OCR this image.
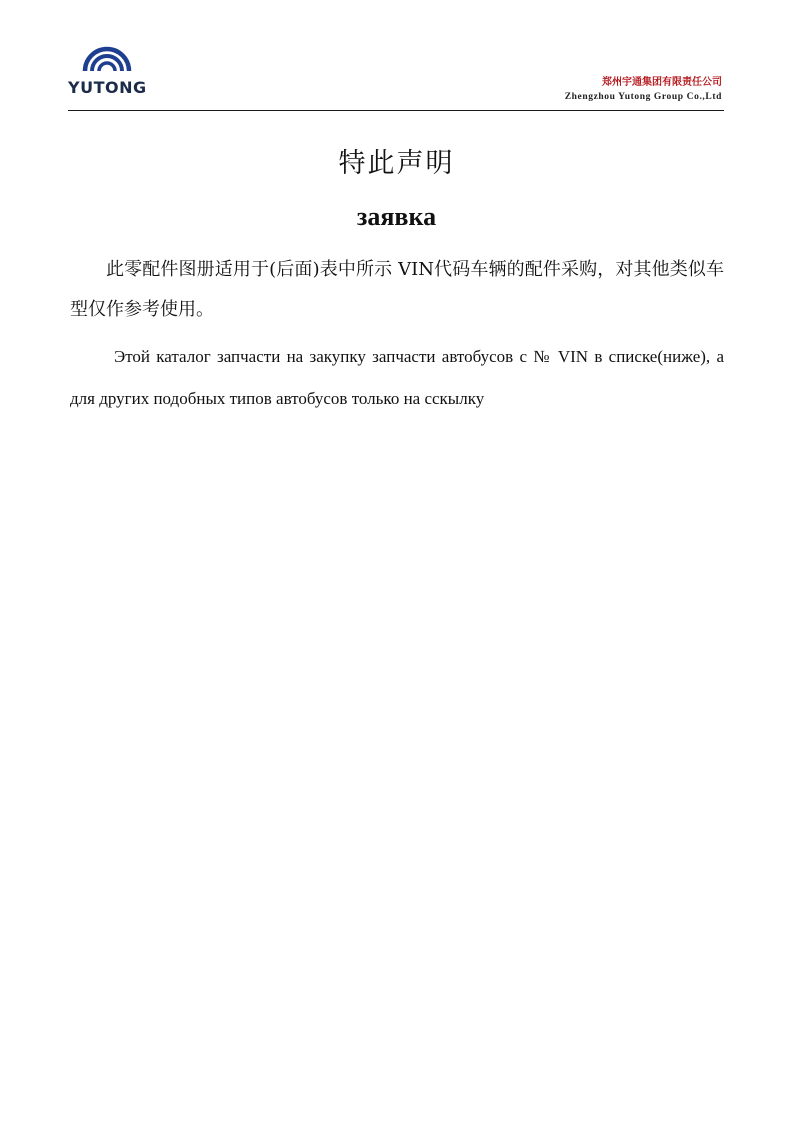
YUTONG	郑州宇通集团有限责任公司
Zhengzhou Yutong Group Co.,Ltd
特此声明
заявка

此零配件图册适用于(后面)表中所示 VIN代码车辆的配件采购，对其他类似车型仅作参考使用。

Этой каталог запчасти на закупку запчасти автобусов с № VIN в списке(ниже), а для других подобных типов автобусов только на сскылку
